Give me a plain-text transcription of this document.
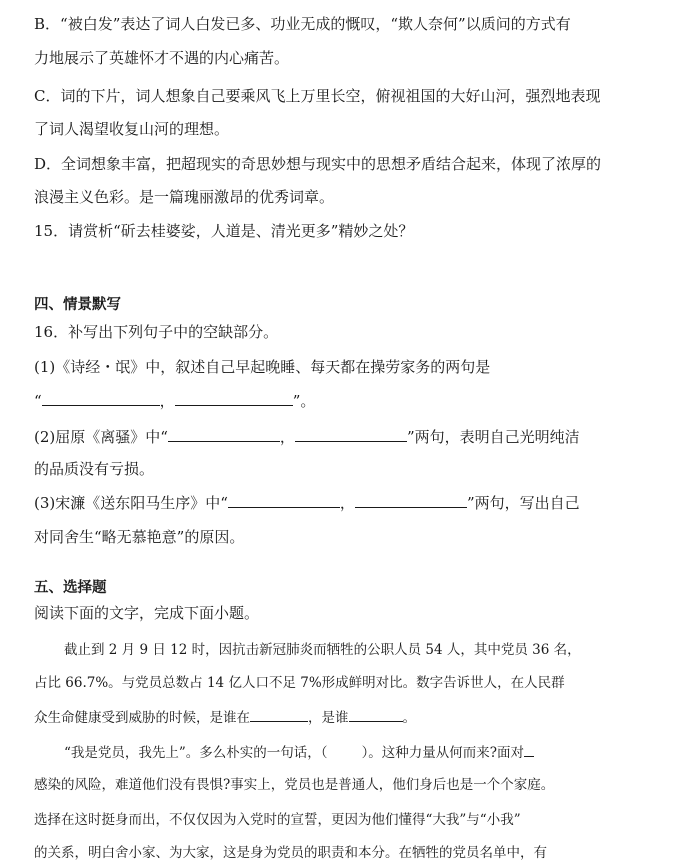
B．“被白发”表达了词人白发已多、功业无成的慨叹，“欺人奈何”以质问的方式有
力地展示了英雄怀才不遇的内心痛苦。
C．词的下片，词人想象自己要乘风飞上万里长空，俯视祖国的大好山河，强烈地表现
了词人渴望收复山河的理想。
D．全词想象丰富，把超现实的奇思妙想与现实中的思想矛盾结合起来，体现了浓厚的
浪漫主义色彩。是一篇瑰丽激昂的优秀词章。
15．请赏析“斫去桂婆娑，人道是、清光更多”精妙之处？
四、情景默写
16．补写出下列句子中的空缺部分。
(1)《诗经・氓》中，叙述自己早起晚睡、每天都在操劳家务的两句是
“	，	”。
(2)屈原《离骚》中“	，	”两句，表明自己光明纯洁
的品质没有亏损。
(3)宋濂《送东阳马生序》中“	，	”两句，写出自己
对同舍生“略无慕艳意”的原因。
五、选择题
阅读下面的文字，完成下面小题。
截止到 2 月 9 日 12 时，因抗击新冠肺炎而牺牲的公职人员 54 人，其中党员 36 名，
占比 66.7%。与党员总数占 14 亿人口不足 7%形成鲜明对比。数字告诉世人，在人民群
众生命健康受到威胁的时候，是谁在	，是谁	。
“我是党员，我先上”。多么朴实的一句话，（	）。这种力量从何而来?面对
感染的风险，难道他们没有畏惧?事实上，党员也是普通人，他们身后也是一个个家庭。
选择在这时挺身而出，不仅仅因为入党时的宣誓，更因为他们懂得“大我”与“小我”
的关系，明白舍小家、为大家，这是身为党员的职责和本分。在牺牲的党员名单中，有
